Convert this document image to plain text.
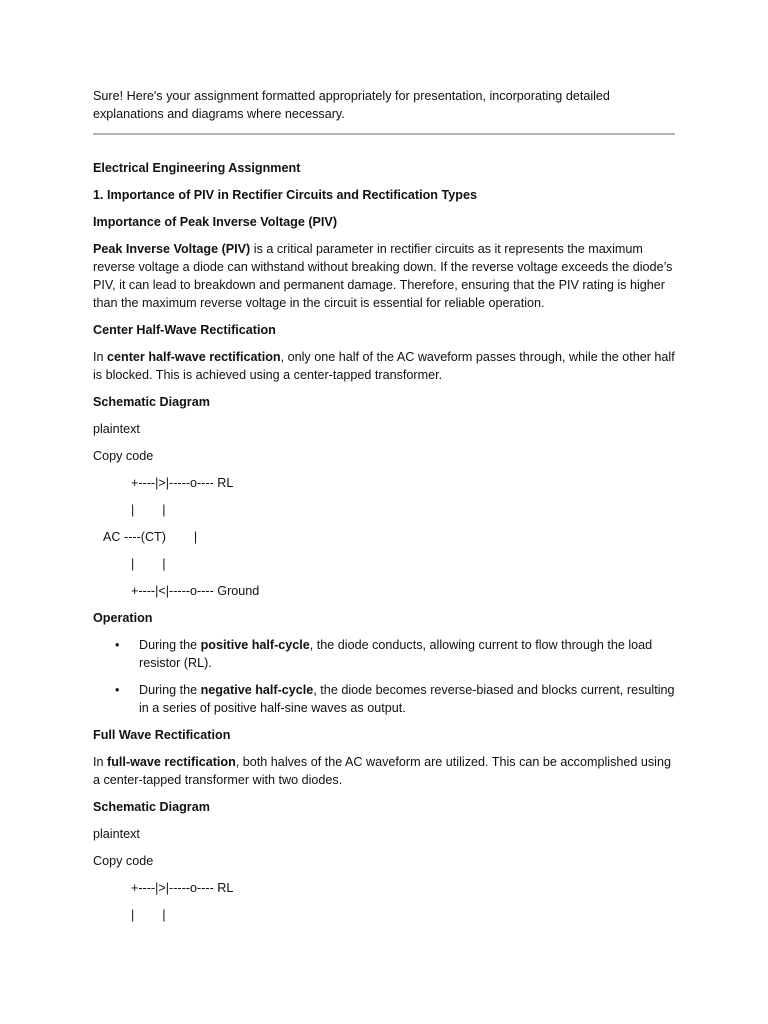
Sure! Here's your assignment formatted appropriately for presentation, incorporating detailed explanations and diagrams where necessary.

Electrical Engineering Assignment

1. Importance of PIV in Rectifier Circuits and Rectification Types

Importance of Peak Inverse Voltage (PIV)

Peak Inverse Voltage (PIV) is a critical parameter in rectifier circuits as it represents the maximum reverse voltage a diode can withstand without breaking down. If the reverse voltage exceeds the diode’s PIV, it can lead to breakdown and permanent damage. Therefore, ensuring that the PIV rating is higher than the maximum reverse voltage in the circuit is essential for reliable operation.

Center Half-Wave Rectification

In center half-wave rectification, only one half of the AC waveform passes through, while the other half is blocked. This is achieved using a center-tapped transformer.

Schematic Diagram

plaintext

Copy code

+----|>|-----o---- RL
|        |
AC ----(CT)        |
|        |
+----|<|-----o---- Ground

Operation

• During the positive half-cycle, the diode conducts, allowing current to flow through the load resistor (RL).
• During the negative half-cycle, the diode becomes reverse-biased and blocks current, resulting in a series of positive half-sine waves as output.

Full Wave Rectification

In full-wave rectification, both halves of the AC waveform are utilized. This can be accomplished using a center-tapped transformer with two diodes.

Schematic Diagram

plaintext

Copy code

+----|>|-----o---- RL
|        |
